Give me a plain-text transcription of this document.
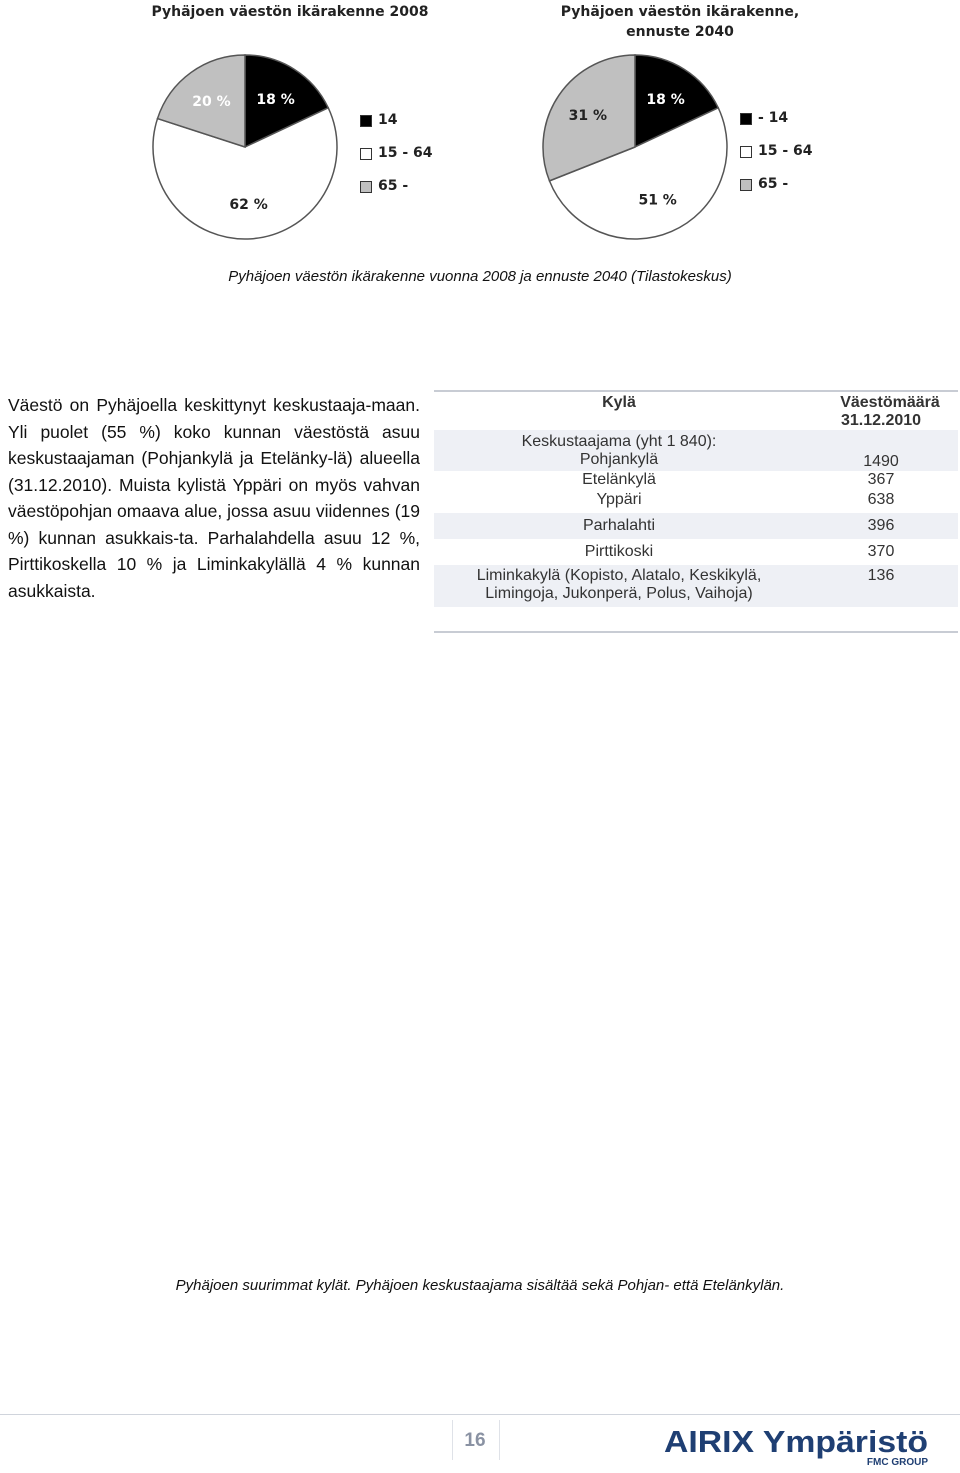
Pyhäjoen väestön ikärakenne 2008
18 %
62 %
20 %
14
15 - 64
65 -
Pyhäjoen väestön ikärakenne,
ennuste 2040
18 %
51 %
31 %	- 14
15 - 64
65 -
Pyhäjoen väestön ikärakenne vuonna 2008 ja ennuste 2040 (Tilastokeskus)
Väestö on Pyhäjoella keskittynyt keskustaaja-maan. Yli puolet (55 %) koko kunnan väestöstä asuu keskustaajaman (Pohjankylä ja Etelänky-lä) alueella (31.12.2010). Muista kylistä Yppäri on myös vahvan väestöpohjan omaava alue, jossa asuu viidennes (19 %) kunnan asukkais-ta. Parhalahdella asuu 12 %, Pirttikoskella 10 % ja Liminkakylällä 4 % kunnan asukkaista.
Kylä	Väestömäärä
31.12.2010

Keskustaajama (yht 1 840):	
Pohjankylä	1490
Etelänkylä	367
Yppäri	638
Parhalahti	396
Pirttikoski	370

Liminkakylä (Kopisto, Alatalo, Keskikylä,
Limingoja, Jukonperä, Polus, Vaihoja)	136

Pyhäjoen suurimmat kylät. Pyhäjoen keskustaajama sisältää sekä Pohjan- että Etelänkylän.
16	AIRIX Ympäristö
FMC GROUP
